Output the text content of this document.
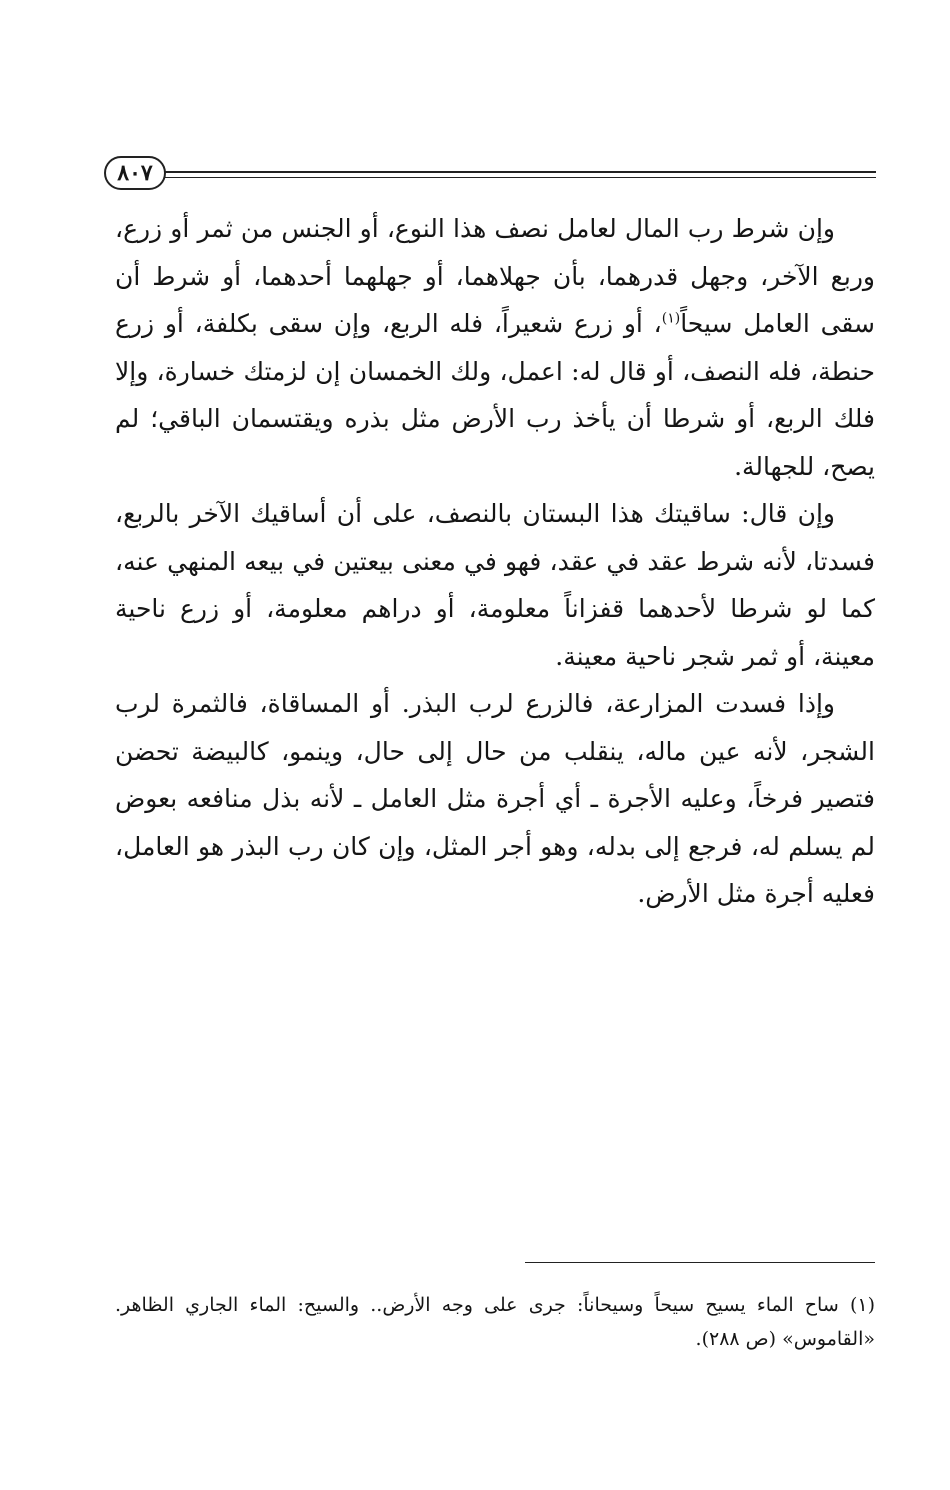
٨٠٧

وإن شرط رب المال لعامل نصف هذا النوع، أو الجنس من ثمر أو زرع، وربع الآخر، وجهل قدرهما، بأن جهلاهما، أو جهلهما أحدهما، أو شرط أن سقى العامل سيحاً$^{(١)}$، أو زرع شعيراً، فله الربع، وإن سقى بكلفة، أو زرع حنطة، فله النصف، أو قال له: اعمل، ولك الخمسان إن لزمتك خسارة، وإلا فلك الربع، أو شرطا أن يأخذ رب الأرض مثل بذره ويقتسمان الباقي؛ لم يصح، للجهالة.

وإن قال: ساقيتك هذا البستان بالنصف، على أن أساقيك الآخر بالربع، فسدتا، لأنه شرط عقد في عقد، فهو في معنى بيعتين في بيعه المنهي عنه، كما لو شرطا لأحدهما قفزاناً معلومة، أو دراهم معلومة، أو زرع ناحية معينة، أو ثمر شجر ناحية معينة.

وإذا فسدت المزارعة، فالزرع لرب البذر. أو المساقاة، فالثمرة لرب الشجر، لأنه عين ماله، ينقلب من حال إلى حال، وينمو، كالبيضة تحضن فتصير فرخاً، وعليه الأجرة ـ أي أجرة مثل العامل ـ لأنه بذل منافعه بعوض لم يسلم له، فرجع إلى بدله، وهو أجر المثل، وإن كان رب البذر هو العامل، فعليه أجرة مثل الأرض.

(١) ساح الماء يسيح سيحاً وسيحاناً: جرى على وجه الأرض.. والسيح: الماء الجاري الظاهر. «القاموس» (ص ٢٨٨).
